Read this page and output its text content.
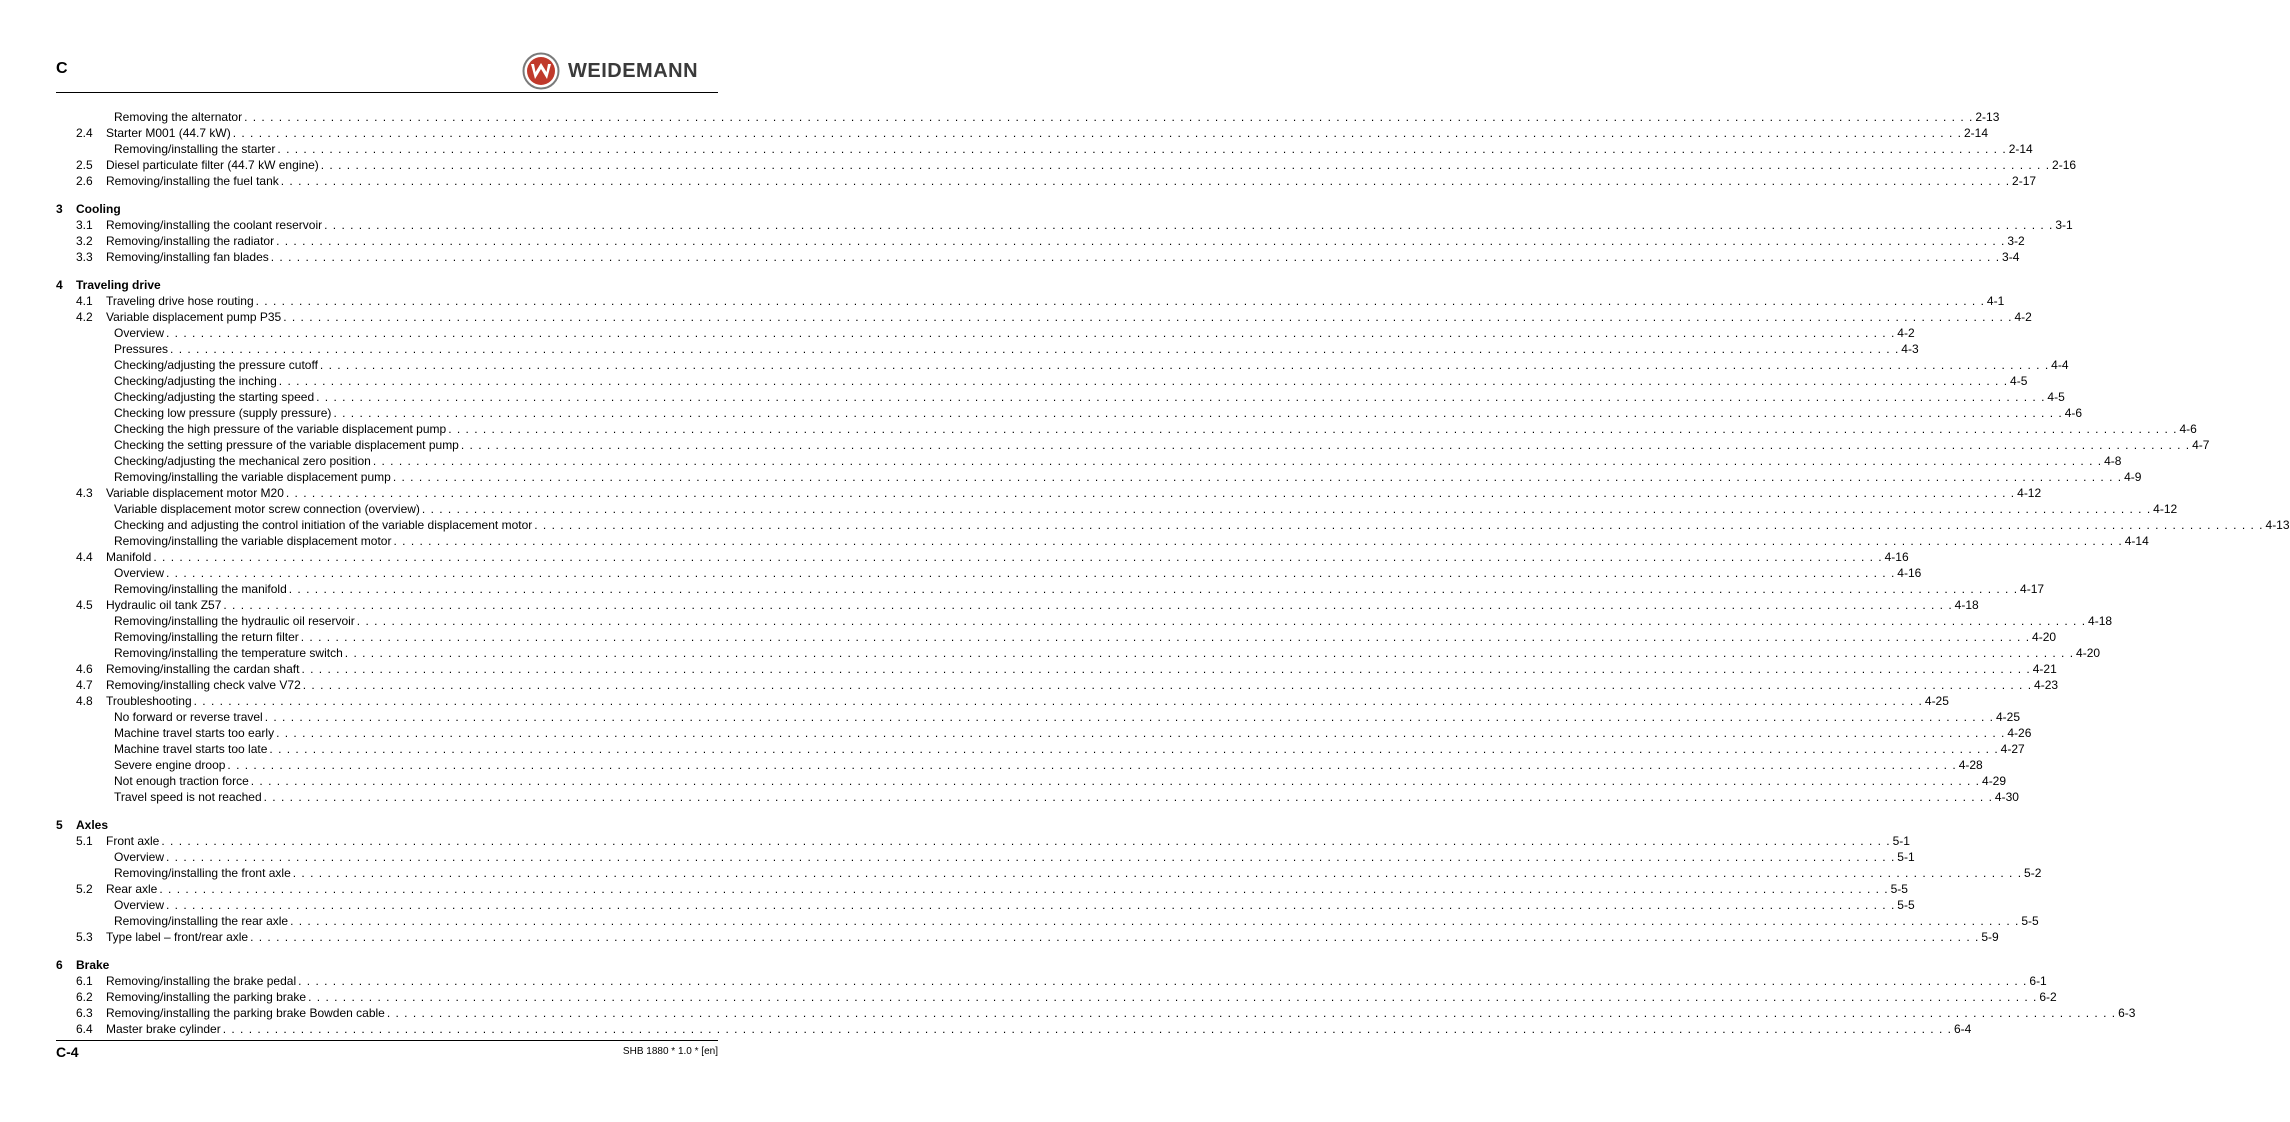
C	WEIDEMANN
Removing the alternator . . . . . . . . . . . . . . . . . . . . . . . . . . . . . . . . . . . . . . . . . . . . . . . . . . . . . . . . . . . . . . . . . . . . . . . . . . . . . . . . . . . . . . . . . . . . . . . . . . . . . . . . . . . . . . . . . . . . . . . . . . . . . . . . . . . . . . . . . . . . . . . . . . . . . . . . . . . . . . . . . . . . . . . . . . . . . . . . . . . . . . . . . . . . . . . . . . . . . . . . 2-13
2.4 Starter M001 (44.7 kW) . . . . . . . . . . . . . . . . . . . . . . . . . . . . . . . . . . . . . . . . . . . . . . . . . . . . . . . . . . . . . . . . . . . . . . . . . . . . . . . . . . . . . . . . . . . . . . . . . . . . . . . . . . . . . . . . . . . . . . . . . . . . . . . . . . . . . . . . . . . . . . . . . . . . . . . . . . . . . . . . . . . . . . . . . . . . . . . . . . . . . . . . . . . . . . . . . . . . . . . . 2-14
Removing/installing the starter . . . . . . . . . . . . . . . . . . . . . . . . . . . . . . . . . . . . . . . . . . . . . . . . . . . . . . . . . . . . . . . . . . . . . . . . . . . . . . . . . . . . . . . . . . . . . . . . . . . . . . . . . . . . . . . . . . . . . . . . . . . . . . . . . . . . . . . . . . . . . . . . . . . . . . . . . . . . . . . . . . . . . . . . . . . . . . . . . . . . . . . . . . . . . . . . . . . . . . . . 2-14
2.5 Diesel particulate filter (44.7 kW engine) . . . . . . . . . . . . . . . . . . . . . . . . . . . . . . . . . . . . . . . . . . . . . . . . . . . . . . . . . . . . . . . . . . . . . . . . . . . . . . . . . . . . . . . . . . . . . . . . . . . . . . . . . . . . . . . . . . . . . . . . . . . . . . . . . . . . . . . . . . . . . . . . . . . . . . . . . . . . . . . . . . . . . . . . . . . . . . . . . . . . . . . . . . . . . . . . . . . . . . . . 2-16
2.6 Removing/installing the fuel tank . . . . . . . . . . . . . . . . . . . . . . . . . . . . . . . . . . . . . . . . . . . . . . . . . . . . . . . . . . . . . . . . . . . . . . . . . . . . . . . . . . . . . . . . . . . . . . . . . . . . . . . . . . . . . . . . . . . . . . . . . . . . . . . . . . . . . . . . . . . . . . . . . . . . . . . . . . . . . . . . . . . . . . . . . . . . . . . . . . . . . . . . . . . . . . . . . . . . . . . . 2-17
3 Cooling
3.1 Removing/installing the coolant reservoir . . . . . . . . . . . . . . . . . . . . . . . . . . . . . . . . . . . . . . . . . . . . . . . . . . . . . . . . . . . . . . . . . . . . . . . . . . . . . . . . . . . . . . . . . . . . . . . . . . . . . . . . . . . . . . . . . . . . . . . . . . . . . . . . . . . . . . . . . . . . . . . . . . . . . . . . . . . . . . . . . . . . . . . . . . . . . . . . . . . . . . . . . . . . . . . . . . . . . . . . 3-1
3.2 Removing/installing the radiator . . . . . . . . . . . . . . . . . . . . . . . . . . . . . . . . . . . . . . . . . . . . . . . . . . . . . . . . . . . . . . . . . . . . . . . . . . . . . . . . . . . . . . . . . . . . . . . . . . . . . . . . . . . . . . . . . . . . . . . . . . . . . . . . . . . . . . . . . . . . . . . . . . . . . . . . . . . . . . . . . . . . . . . . . . . . . . . . . . . . . . . . . . . . . . . . . . . . . . . . 3-2
3.3 Removing/installing fan blades . . . . . . . . . . . . . . . . . . . . . . . . . . . . . . . . . . . . . . . . . . . . . . . . . . . . . . . . . . . . . . . . . . . . . . . . . . . . . . . . . . . . . . . . . . . . . . . . . . . . . . . . . . . . . . . . . . . . . . . . . . . . . . . . . . . . . . . . . . . . . . . . . . . . . . . . . . . . . . . . . . . . . . . . . . . . . . . . . . . . . . . . . . . . . . . . . . . . . . . . 3-4
4 Traveling drive
4.1 Traveling drive hose routing . . . . . . . . . . . . . . . . . . . . . . . . . . . . . . . . . . . . . . . . . . . . . . . . . . . . . . . . . . . . . . . . . . . . . . . . . . . . . . . . . . . . . . . . . . . . . . . . . . . . . . . . . . . . . . . . . . . . . . . . . . . . . . . . . . . . . . . . . . . . . . . . . . . . . . . . . . . . . . . . . . . . . . . . . . . . . . . . . . . . . . . . . . . . . . . . . . . . . . . . 4-1
4.2 Variable displacement pump P35 . . . . . . . . . . . . . . . . . . . . . . . . . . . . . . . . . . . . . . . . . . . . . . . . . . . . . . . . . . . . . . . . . . . . . . . . . . . . . . . . . . . . . . . . . . . . . . . . . . . . . . . . . . . . . . . . . . . . . . . . . . . . . . . . . . . . . . . . . . . . . . . . . . . . . . . . . . . . . . . . . . . . . . . . . . . . . . . . . . . . . . . . . . . . . . . . . . . . . . . . 4-2
Overview . . . . . . . . . . . . . . . . . . . . . . . . . . . . . . . . . . . . . . . . . . . . . . . . . . . . . . . . . . . . . . . . . . . . . . . . . . . . . . . . . . . . . . . . . . . . . . . . . . . . . . . . . . . . . . . . . . . . . . . . . . . . . . . . . . . . . . . . . . . . . . . . . . . . . . . . . . . . . . . . . . . . . . . . . . . . . . . . . . . . . . . . . . . . . . . . . . . . . . . . 4-2
Pressures . . . . . . . . . . . . . . . . . . . . . . . . . . . . . . . . . . . . . . . . . . . . . . . . . . . . . . . . . . . . . . . . . . . . . . . . . . . . . . . . . . . . . . . . . . . . . . . . . . . . . . . . . . . . . . . . . . . . . . . . . . . . . . . . . . . . . . . . . . . . . . . . . . . . . . . . . . . . . . . . . . . . . . . . . . . . . . . . . . . . . . . . . . . . . . . . . . . . . . . . 4-3
Checking/adjusting the pressure cutoff . . . . . . . . . . . . . . . . . . . . . . . . . . . . . . . . . . . . . . . . . . . . . . . . . . . . . . . . . . . . . . . . . . . . . . . . . . . . . . . . . . . . . . . . . . . . . . . . . . . . . . . . . . . . . . . . . . . . . . . . . . . . . . . . . . . . . . . . . . . . . . . . . . . . . . . . . . . . . . . . . . . . . . . . . . . . . . . . . . . . . . . . . . . . . . . . . . . . . . . . 4-4
Checking/adjusting the inching . . . . . . . . . . . . . . . . . . . . . . . . . . . . . . . . . . . . . . . . . . . . . . . . . . . . . . . . . . . . . . . . . . . . . . . . . . . . . . . . . . . . . . . . . . . . . . . . . . . . . . . . . . . . . . . . . . . . . . . . . . . . . . . . . . . . . . . . . . . . . . . . . . . . . . . . . . . . . . . . . . . . . . . . . . . . . . . . . . . . . . . . . . . . . . . . . . . . . . . . 4-5
Checking/adjusting the starting speed . . . . . . . . . . . . . . . . . . . . . . . . . . . . . . . . . . . . . . . . . . . . . . . . . . . . . . . . . . . . . . . . . . . . . . . . . . . . . . . . . . . . . . . . . . . . . . . . . . . . . . . . . . . . . . . . . . . . . . . . . . . . . . . . . . . . . . . . . . . . . . . . . . . . . . . . . . . . . . . . . . . . . . . . . . . . . . . . . . . . . . . . . . . . . . . . . . . . . . . . 4-5
Checking low pressure (supply pressure) . . . . . . . . . . . . . . . . . . . . . . . . . . . . . . . . . . . . . . . . . . . . . . . . . . . . . . . . . . . . . . . . . . . . . . . . . . . . . . . . . . . . . . . . . . . . . . . . . . . . . . . . . . . . . . . . . . . . . . . . . . . . . . . . . . . . . . . . . . . . . . . . . . . . . . . . . . . . . . . . . . . . . . . . . . . . . . . . . . . . . . . . . . . . . . . . . . . . . . . . 4-6
Checking the high pressure of the variable displacement pump . . . . . . . . . . . . . . . . . . . . . . . . . . . . . . . . . . . . . . . . . . . . . . . . . . . . . . . . . . . . . . . . . . . . . . . . . . . . . . . . . . . . . . . . . . . . . . . . . . . . . . . . . . . . . . . . . . . . . . . . . . . . . . . . . . . . . . . . . . . . . . . . . . . . . . . . . . . . . . . . . . . . . . . . . . . . . . . . . . . . . . . . . . . . . . . . . . . . . . . . 4-6
Checking the setting pressure of the variable displacement pump . . . . . . . . . . . . . . . . . . . . . . . . . . . . . . . . . . . . . . . . . . . . . . . . . . . . . . . . . . . . . . . . . . . . . . . . . . . . . . . . . . . . . . . . . . . . . . . . . . . . . . . . . . . . . . . . . . . . . . . . . . . . . . . . . . . . . . . . . . . . . . . . . . . . . . . . . . . . . . . . . . . . . . . . . . . . . . . . . . . . . . . . . . . . . . . . . . . . . . . . 4-7
Checking/adjusting the mechanical zero position . . . . . . . . . . . . . . . . . . . . . . . . . . . . . . . . . . . . . . . . . . . . . . . . . . . . . . . . . . . . . . . . . . . . . . . . . . . . . . . . . . . . . . . . . . . . . . . . . . . . . . . . . . . . . . . . . . . . . . . . . . . . . . . . . . . . . . . . . . . . . . . . . . . . . . . . . . . . . . . . . . . . . . . . . . . . . . . . . . . . . . . . . . . . . . . . . . . . . . . . 4-8
Removing/installing the variable displacement pump . . . . . . . . . . . . . . . . . . . . . . . . . . . . . . . . . . . . . . . . . . . . . . . . . . . . . . . . . . . . . . . . . . . . . . . . . . . . . . . . . . . . . . . . . . . . . . . . . . . . . . . . . . . . . . . . . . . . . . . . . . . . . . . . . . . . . . . . . . . . . . . . . . . . . . . . . . . . . . . . . . . . . . . . . . . . . . . . . . . . . . . . . . . . . . . . . . . . . . . . 4-9
4.3 Variable displacement motor M20 . . . . . . . . . . . . . . . . . . . . . . . . . . . . . . . . . . . . . . . . . . . . . . . . . . . . . . . . . . . . . . . . . . . . . . . . . . . . . . . . . . . . . . . . . . . . . . . . . . . . . . . . . . . . . . . . . . . . . . . . . . . . . . . . . . . . . . . . . . . . . . . . . . . . . . . . . . . . . . . . . . . . . . . . . . . . . . . . . . . . . . . . . . . . . . . . . . . . . . . . 4-12
Variable displacement motor screw connection (overview) . . . . . . . . . . . . . . . . . . . . . . . . . . . . . . . . . . . . . . . . . . . . . . . . . . . . . . . . . . . . . . . . . . . . . . . . . . . . . . . . . . . . . . . . . . . . . . . . . . . . . . . . . . . . . . . . . . . . . . . . . . . . . . . . . . . . . . . . . . . . . . . . . . . . . . . . . . . . . . . . . . . . . . . . . . . . . . . . . . . . . . . . . . . . . . . . . . . . . . . . 4-12
Checking and adjusting the control initiation of the variable displacement motor . . . . . . . . . . . . . . . . . . . . . . . . . . . . . . . . . . . . . . . . . . . . . . . . . . . . . . . . . . . . . . . . . . . . . . . . . . . . . . . . . . . . . . . . . . . . . . . . . . . . . . . . . . . . . . . . . . . . . . . . . . . . . . . . . . . . . . . . . . . . . . . . . . . . . . . . . . . . . . . . . . . . . . . . . . . . . . . . . . . . . . . . . . . . . . . . . . . . . . . . 4-13
Removing/installing the variable displacement motor . . . . . . . . . . . . . . . . . . . . . . . . . . . . . . . . . . . . . . . . . . . . . . . . . . . . . . . . . . . . . . . . . . . . . . . . . . . . . . . . . . . . . . . . . . . . . . . . . . . . . . . . . . . . . . . . . . . . . . . . . . . . . . . . . . . . . . . . . . . . . . . . . . . . . . . . . . . . . . . . . . . . . . . . . . . . . . . . . . . . . . . . . . . . . . . . . . . . . . . . 4-14
4.4 Manifold . . . . . . . . . . . . . . . . . . . . . . . . . . . . . . . . . . . . . . . . . . . . . . . . . . . . . . . . . . . . . . . . . . . . . . . . . . . . . . . . . . . . . . . . . . . . . . . . . . . . . . . . . . . . . . . . . . . . . . . . . . . . . . . . . . . . . . . . . . . . . . . . . . . . . . . . . . . . . . . . . . . . . . . . . . . . . . . . . . . . . . . . . . . . . . . . . . . . . . . . 4-16
Overview . . . . . . . . . . . . . . . . . . . . . . . . . . . . . . . . . . . . . . . . . . . . . . . . . . . . . . . . . . . . . . . . . . . . . . . . . . . . . . . . . . . . . . . . . . . . . . . . . . . . . . . . . . . . . . . . . . . . . . . . . . . . . . . . . . . . . . . . . . . . . . . . . . . . . . . . . . . . . . . . . . . . . . . . . . . . . . . . . . . . . . . . . . . . . . . . . . . . . . . . 4-16
Removing/installing the manifold . . . . . . . . . . . . . . . . . . . . . . . . . . . . . . . . . . . . . . . . . . . . . . . . . . . . . . . . . . . . . . . . . . . . . . . . . . . . . . . . . . . . . . . . . . . . . . . . . . . . . . . . . . . . . . . . . . . . . . . . . . . . . . . . . . . . . . . . . . . . . . . . . . . . . . . . . . . . . . . . . . . . . . . . . . . . . . . . . . . . . . . . . . . . . . . . . . . . . . . . 4-17
4.5 Hydraulic oil tank Z57 . . . . . . . . . . . . . . . . . . . . . . . . . . . . . . . . . . . . . . . . . . . . . . . . . . . . . . . . . . . . . . . . . . . . . . . . . . . . . . . . . . . . . . . . . . . . . . . . . . . . . . . . . . . . . . . . . . . . . . . . . . . . . . . . . . . . . . . . . . . . . . . . . . . . . . . . . . . . . . . . . . . . . . . . . . . . . . . . . . . . . . . . . . . . . . . . . . . . . . . . 4-18
Removing/installing the hydraulic oil reservoir . . . . . . . . . . . . . . . . . . . . . . . . . . . . . . . . . . . . . . . . . . . . . . . . . . . . . . . . . . . . . . . . . . . . . . . . . . . . . . . . . . . . . . . . . . . . . . . . . . . . . . . . . . . . . . . . . . . . . . . . . . . . . . . . . . . . . . . . . . . . . . . . . . . . . . . . . . . . . . . . . . . . . . . . . . . . . . . . . . . . . . . . . . . . . . . . . . . . . . . . 4-18
Removing/installing the return filter . . . . . . . . . . . . . . . . . . . . . . . . . . . . . . . . . . . . . . . . . . . . . . . . . . . . . . . . . . . . . . . . . . . . . . . . . . . . . . . . . . . . . . . . . . . . . . . . . . . . . . . . . . . . . . . . . . . . . . . . . . . . . . . . . . . . . . . . . . . . . . . . . . . . . . . . . . . . . . . . . . . . . . . . . . . . . . . . . . . . . . . . . . . . . . . . . . . . . . . . 4-20
Removing/installing the temperature switch . . . . . . . . . . . . . . . . . . . . . . . . . . . . . . . . . . . . . . . . . . . . . . . . . . . . . . . . . . . . . . . . . . . . . . . . . . . . . . . . . . . . . . . . . . . . . . . . . . . . . . . . . . . . . . . . . . . . . . . . . . . . . . . . . . . . . . . . . . . . . . . . . . . . . . . . . . . . . . . . . . . . . . . . . . . . . . . . . . . . . . . . . . . . . . . . . . . . . . . . 4-20
4.6 Removing/installing the cardan shaft . . . . . . . . . . . . . . . . . . . . . . . . . . . . . . . . . . . . . . . . . . . . . . . . . . . . . . . . . . . . . . . . . . . . . . . . . . . . . . . . . . . . . . . . . . . . . . . . . . . . . . . . . . . . . . . . . . . . . . . . . . . . . . . . . . . . . . . . . . . . . . . . . . . . . . . . . . . . . . . . . . . . . . . . . . . . . . . . . . . . . . . . . . . . . . . . . . . . . . . . 4-21
4.7 Removing/installing check valve V72 . . . . . . . . . . . . . . . . . . . . . . . . . . . . . . . . . . . . . . . . . . . . . . . . . . . . . . . . . . . . . . . . . . . . . . . . . . . . . . . . . . . . . . . . . . . . . . . . . . . . . . . . . . . . . . . . . . . . . . . . . . . . . . . . . . . . . . . . . . . . . . . . . . . . . . . . . . . . . . . . . . . . . . . . . . . . . . . . . . . . . . . . . . . . . . . . . . . . . . . . 4-23
4.8 Troubleshooting . . . . . . . . . . . . . . . . . . . . . . . . . . . . . . . . . . . . . . . . . . . . . . . . . . . . . . . . . . . . . . . . . . . . . . . . . . . . . . . . . . . . . . . . . . . . . . . . . . . . . . . . . . . . . . . . . . . . . . . . . . . . . . . . . . . . . . . . . . . . . . . . . . . . . . . . . . . . . . . . . . . . . . . . . . . . . . . . . . . . . . . . . . . . . . . . . . . . . . . . 4-25
No forward or reverse travel . . . . . . . . . . . . . . . . . . . . . . . . . . . . . . . . . . . . . . . . . . . . . . . . . . . . . . . . . . . . . . . . . . . . . . . . . . . . . . . . . . . . . . . . . . . . . . . . . . . . . . . . . . . . . . . . . . . . . . . . . . . . . . . . . . . . . . . . . . . . . . . . . . . . . . . . . . . . . . . . . . . . . . . . . . . . . . . . . . . . . . . . . . . . . . . . . . . . . . . . 4-25
Machine travel starts too early . . . . . . . . . . . . . . . . . . . . . . . . . . . . . . . . . . . . . . . . . . . . . . . . . . . . . . . . . . . . . . . . . . . . . . . . . . . . . . . . . . . . . . . . . . . . . . . . . . . . . . . . . . . . . . . . . . . . . . . . . . . . . . . . . . . . . . . . . . . . . . . . . . . . . . . . . . . . . . . . . . . . . . . . . . . . . . . . . . . . . . . . . . . . . . . . . . . . . . . . 4-26
Machine travel starts too late . . . . . . . . . . . . . . . . . . . . . . . . . . . . . . . . . . . . . . . . . . . . . . . . . . . . . . . . . . . . . . . . . . . . . . . . . . . . . . . . . . . . . . . . . . . . . . . . . . . . . . . . . . . . . . . . . . . . . . . . . . . . . . . . . . . . . . . . . . . . . . . . . . . . . . . . . . . . . . . . . . . . . . . . . . . . . . . . . . . . . . . . . . . . . . . . . . . . . . . . 4-27
Severe engine droop . . . . . . . . . . . . . . . . . . . . . . . . . . . . . . . . . . . . . . . . . . . . . . . . . . . . . . . . . . . . . . . . . . . . . . . . . . . . . . . . . . . . . . . . . . . . . . . . . . . . . . . . . . . . . . . . . . . . . . . . . . . . . . . . . . . . . . . . . . . . . . . . . . . . . . . . . . . . . . . . . . . . . . . . . . . . . . . . . . . . . . . . . . . . . . . . . . . . . . . . 4-28
Not enough traction force . . . . . . . . . . . . . . . . . . . . . . . . . . . . . . . . . . . . . . . . . . . . . . . . . . . . . . . . . . . . . . . . . . . . . . . . . . . . . . . . . . . . . . . . . . . . . . . . . . . . . . . . . . . . . . . . . . . . . . . . . . . . . . . . . . . . . . . . . . . . . . . . . . . . . . . . . . . . . . . . . . . . . . . . . . . . . . . . . . . . . . . . . . . . . . . . . . . . . . . . 4-29
Travel speed is not reached . . . . . . . . . . . . . . . . . . . . . . . . . . . . . . . . . . . . . . . . . . . . . . . . . . . . . . . . . . . . . . . . . . . . . . . . . . . . . . . . . . . . . . . . . . . . . . . . . . . . . . . . . . . . . . . . . . . . . . . . . . . . . . . . . . . . . . . . . . . . . . . . . . . . . . . . . . . . . . . . . . . . . . . . . . . . . . . . . . . . . . . . . . . . . . . . . . . . . . . . 4-30
5 Axles
5.1 Front axle . . . . . . . . . . . . . . . . . . . . . . . . . . . . . . . . . . . . . . . . . . . . . . . . . . . . . . . . . . . . . . . . . . . . . . . . . . . . . . . . . . . . . . . . . . . . . . . . . . . . . . . . . . . . . . . . . . . . . . . . . . . . . . . . . . . . . . . . . . . . . . . . . . . . . . . . . . . . . . . . . . . . . . . . . . . . . . . . . . . . . . . . . . . . . . . . . . . . . . . . 5-1
Overview . . . . . . . . . . . . . . . . . . . . . . . . . . . . . . . . . . . . . . . . . . . . . . . . . . . . . . . . . . . . . . . . . . . . . . . . . . . . . . . . . . . . . . . . . . . . . . . . . . . . . . . . . . . . . . . . . . . . . . . . . . . . . . . . . . . . . . . . . . . . . . . . . . . . . . . . . . . . . . . . . . . . . . . . . . . . . . . . . . . . . . . . . . . . . . . . . . . . . . . . 5-1
Removing/installing the front axle . . . . . . . . . . . . . . . . . . . . . . . . . . . . . . . . . . . . . . . . . . . . . . . . . . . . . . . . . . . . . . . . . . . . . . . . . . . . . . . . . . . . . . . . . . . . . . . . . . . . . . . . . . . . . . . . . . . . . . . . . . . . . . . . . . . . . . . . . . . . . . . . . . . . . . . . . . . . . . . . . . . . . . . . . . . . . . . . . . . . . . . . . . . . . . . . . . . . . . . . 5-2
5.2 Rear axle . . . . . . . . . . . . . . . . . . . . . . . . . . . . . . . . . . . . . . . . . . . . . . . . . . . . . . . . . . . . . . . . . . . . . . . . . . . . . . . . . . . . . . . . . . . . . . . . . . . . . . . . . . . . . . . . . . . . . . . . . . . . . . . . . . . . . . . . . . . . . . . . . . . . . . . . . . . . . . . . . . . . . . . . . . . . . . . . . . . . . . . . . . . . . . . . . . . . . . . . 5-5
Overview . . . . . . . . . . . . . . . . . . . . . . . . . . . . . . . . . . . . . . . . . . . . . . . . . . . . . . . . . . . . . . . . . . . . . . . . . . . . . . . . . . . . . . . . . . . . . . . . . . . . . . . . . . . . . . . . . . . . . . . . . . . . . . . . . . . . . . . . . . . . . . . . . . . . . . . . . . . . . . . . . . . . . . . . . . . . . . . . . . . . . . . . . . . . . . . . . . . . . . . . 5-5
Removing/installing the rear axle . . . . . . . . . . . . . . . . . . . . . . . . . . . . . . . . . . . . . . . . . . . . . . . . . . . . . . . . . . . . . . . . . . . . . . . . . . . . . . . . . . . . . . . . . . . . . . . . . . . . . . . . . . . . . . . . . . . . . . . . . . . . . . . . . . . . . . . . . . . . . . . . . . . . . . . . . . . . . . . . . . . . . . . . . . . . . . . . . . . . . . . . . . . . . . . . . . . . . . . . 5-5
5.3 Type label – front/rear axle . . . . . . . . . . . . . . . . . . . . . . . . . . . . . . . . . . . . . . . . . . . . . . . . . . . . . . . . . . . . . . . . . . . . . . . . . . . . . . . . . . . . . . . . . . . . . . . . . . . . . . . . . . . . . . . . . . . . . . . . . . . . . . . . . . . . . . . . . . . . . . . . . . . . . . . . . . . . . . . . . . . . . . . . . . . . . . . . . . . . . . . . . . . . . . . . . . . . . . . . 5-9
6 Brake
6.1 Removing/installing the brake pedal . . . . . . . . . . . . . . . . . . . . . . . . . . . . . . . . . . . . . . . . . . . . . . . . . . . . . . . . . . . . . . . . . . . . . . . . . . . . . . . . . . . . . . . . . . . . . . . . . . . . . . . . . . . . . . . . . . . . . . . . . . . . . . . . . . . . . . . . . . . . . . . . . . . . . . . . . . . . . . . . . . . . . . . . . . . . . . . . . . . . . . . . . . . . . . . . . . . . . . . . 6-1
6.2 Removing/installing the parking brake . . . . . . . . . . . . . . . . . . . . . . . . . . . . . . . . . . . . . . . . . . . . . . . . . . . . . . . . . . . . . . . . . . . . . . . . . . . . . . . . . . . . . . . . . . . . . . . . . . . . . . . . . . . . . . . . . . . . . . . . . . . . . . . . . . . . . . . . . . . . . . . . . . . . . . . . . . . . . . . . . . . . . . . . . . . . . . . . . . . . . . . . . . . . . . . . . . . . . . . . 6-2
6.3 Removing/installing the parking brake Bowden cable . . . . . . . . . . . . . . . . . . . . . . . . . . . . . . . . . . . . . . . . . . . . . . . . . . . . . . . . . . . . . . . . . . . . . . . . . . . . . . . . . . . . . . . . . . . . . . . . . . . . . . . . . . . . . . . . . . . . . . . . . . . . . . . . . . . . . . . . . . . . . . . . . . . . . . . . . . . . . . . . . . . . . . . . . . . . . . . . . . . . . . . . . . . . . . . . . . . . . . . . 6-3
6.4 Master brake cylinder . . . . . . . . . . . . . . . . . . . . . . . . . . . . . . . . . . . . . . . . . . . . . . . . . . . . . . . . . . . . . . . . . . . . . . . . . . . . . . . . . . . . . . . . . . . . . . . . . . . . . . . . . . . . . . . . . . . . . . . . . . . . . . . . . . . . . . . . . . . . . . . . . . . . . . . . . . . . . . . . . . . . . . . . . . . . . . . . . . . . . . . . . . . . . . . . . . . . . . . . 6-4
C-4	SHB 1880 * 1.0 * [en]
